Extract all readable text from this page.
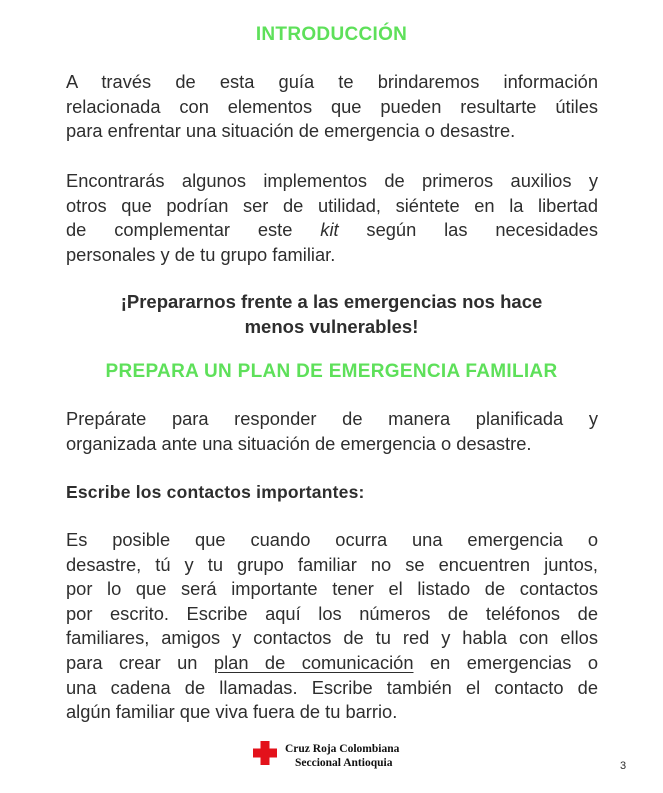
INTRODUCCIÓN
A través de esta guía te brindaremos información
relacionada con elementos que pueden resultarte útiles
para enfrentar una situación de emergencia o desastre.
Encontrarás algunos implementos de primeros auxilios y
otros que podrían ser de utilidad, siéntete en la libertad
de complementar este kit según las necesidades
personales y de tu grupo familiar.
¡Prepararnos frente a las emergencias nos hace
menos vulnerables!
PREPARA UN PLAN DE EMERGENCIA FAMILIAR
Prepárate para responder de manera planificada y
organizada ante una situación de emergencia o desastre.
Escribe los contactos importantes:
Es posible que cuando ocurra una emergencia o
desastre, tú y tu grupo familiar no se encuentren juntos,
por lo que será importante tener el listado de contactos
por escrito. Escribe aquí los números de teléfonos de
familiares, amigos y contactos de tu red y habla con ellos
para crear un plan de comunicación en emergencias o
una cadena de llamadas. Escribe también el contacto de
algún familiar que viva fuera de tu barrio.
Cruz Roja Colombiana
Seccional Antioquia	3
